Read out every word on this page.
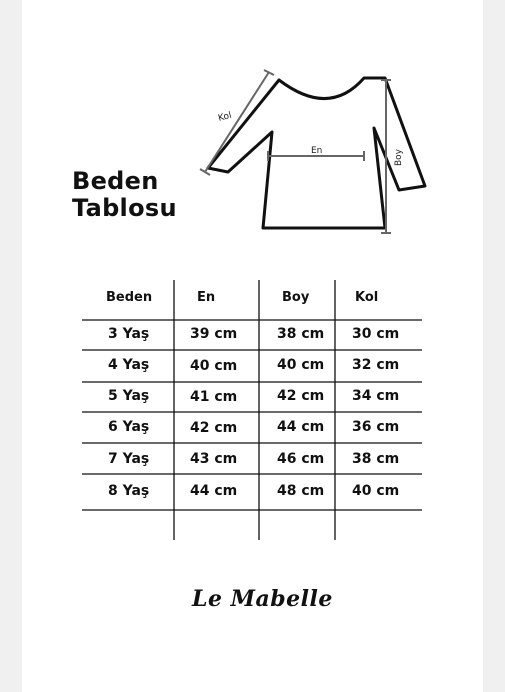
Beden
Tablosu
Kol
En	Boy
Beden	En	Boy	Kol
3 Yaş	39 cm	38 cm 30 cm
4 Yaş	40 cm	40 cm 32 cm
5 Yaş	41 cm	42 cm 34 cm
6 Yaş	42 cm	44 cm 36 cm
7 Yaş	43 cm	46 cm 38 cm
8 Yaş	44 cm	48 cm 40 cm
Le Mabelle
